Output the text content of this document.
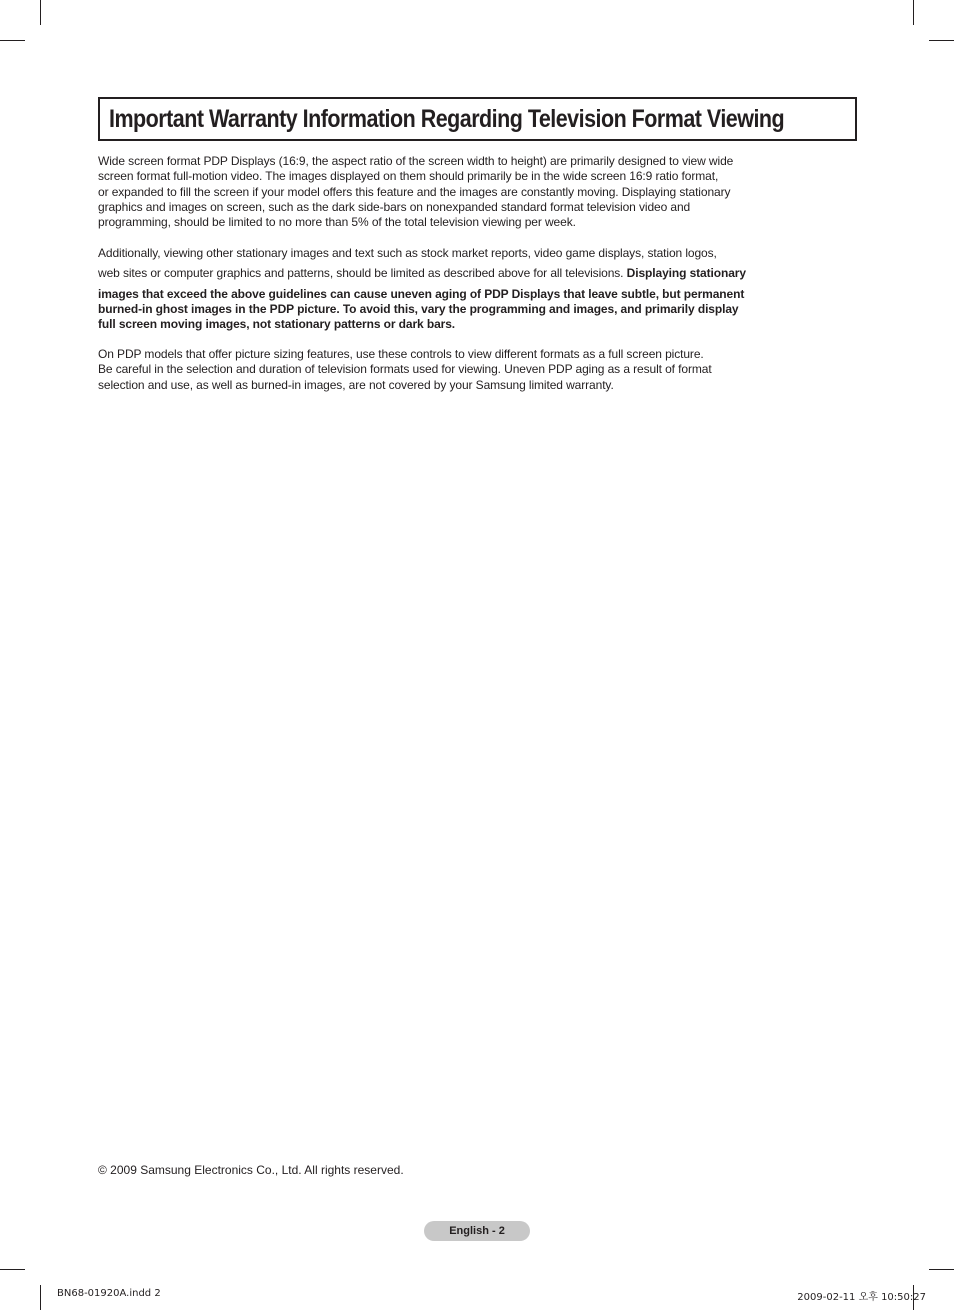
Important Warranty Information Regarding Television Format Viewing
Wide screen format PDP Displays (16:9, the aspect ratio of the screen width to height) are primarily designed to view wide
screen format full-motion video. The images displayed on them should primarily be in the wide screen 16:9 ratio format,
or expanded to fill the screen if your model offers this feature and the images are constantly moving. Displaying stationary
graphics and images on screen, such as the dark side-bars on nonexpanded standard format television video and
programming, should be limited to no more than 5% of the total television viewing per week.
Additionally, viewing other stationary images and text such as stock market reports, video game displays, station logos,
web sites or computer graphics and patterns, should be limited as described above for all televisions. Displaying stationary
images that exceed the above guidelines can cause uneven aging of PDP Displays that leave subtle, but permanent
burned-in ghost images in the PDP picture. To avoid this, vary the programming and images, and primarily display
full screen moving images, not stationary patterns or dark bars.
On PDP models that offer picture sizing features, use these controls to view different formats as a full screen picture.
Be careful in the selection and duration of television formats used for viewing. Uneven PDP aging as a result of format
selection and use, as well as burned-in images, are not covered by your Samsung limited warranty.
© 2009 Samsung Electronics Co., Ltd. All rights reserved.
English - 2
BN68-01920A.indd 2	2009-02-11 오후 10:50:27
